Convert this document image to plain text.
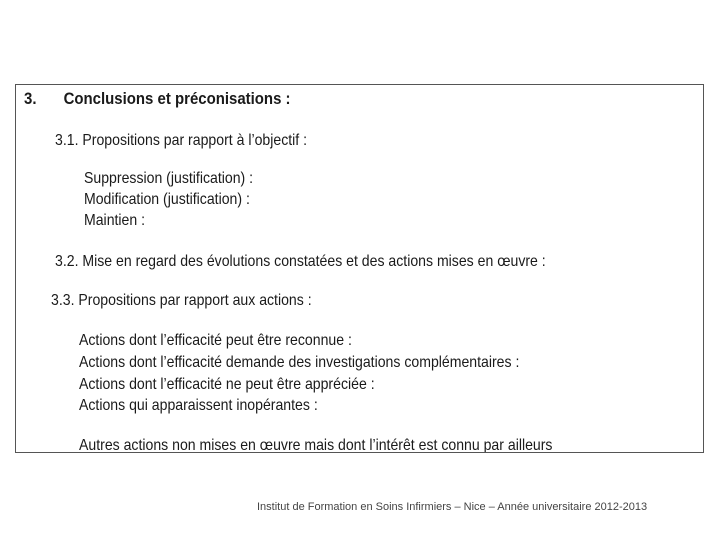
3. Conclusions et préconisations :
3.1. Propositions par rapport à l’objectif :
Suppression (justification) :
Modification (justification) :
Maintien :
3.2. Mise en regard des évolutions constatées et des actions mises en œuvre :
3.3. Propositions par rapport aux actions :
Actions dont l’efficacité peut être reconnue :
Actions dont l’efficacité demande des investigations complémentaires :
Actions dont l’efficacité ne peut être appréciée :
Actions qui apparaissent inopérantes :
Autres actions non mises en œuvre mais dont l’intérêt est connu par ailleurs
Institut de Formation en Soins Infirmiers – Nice – Année universitaire 2012-2013
